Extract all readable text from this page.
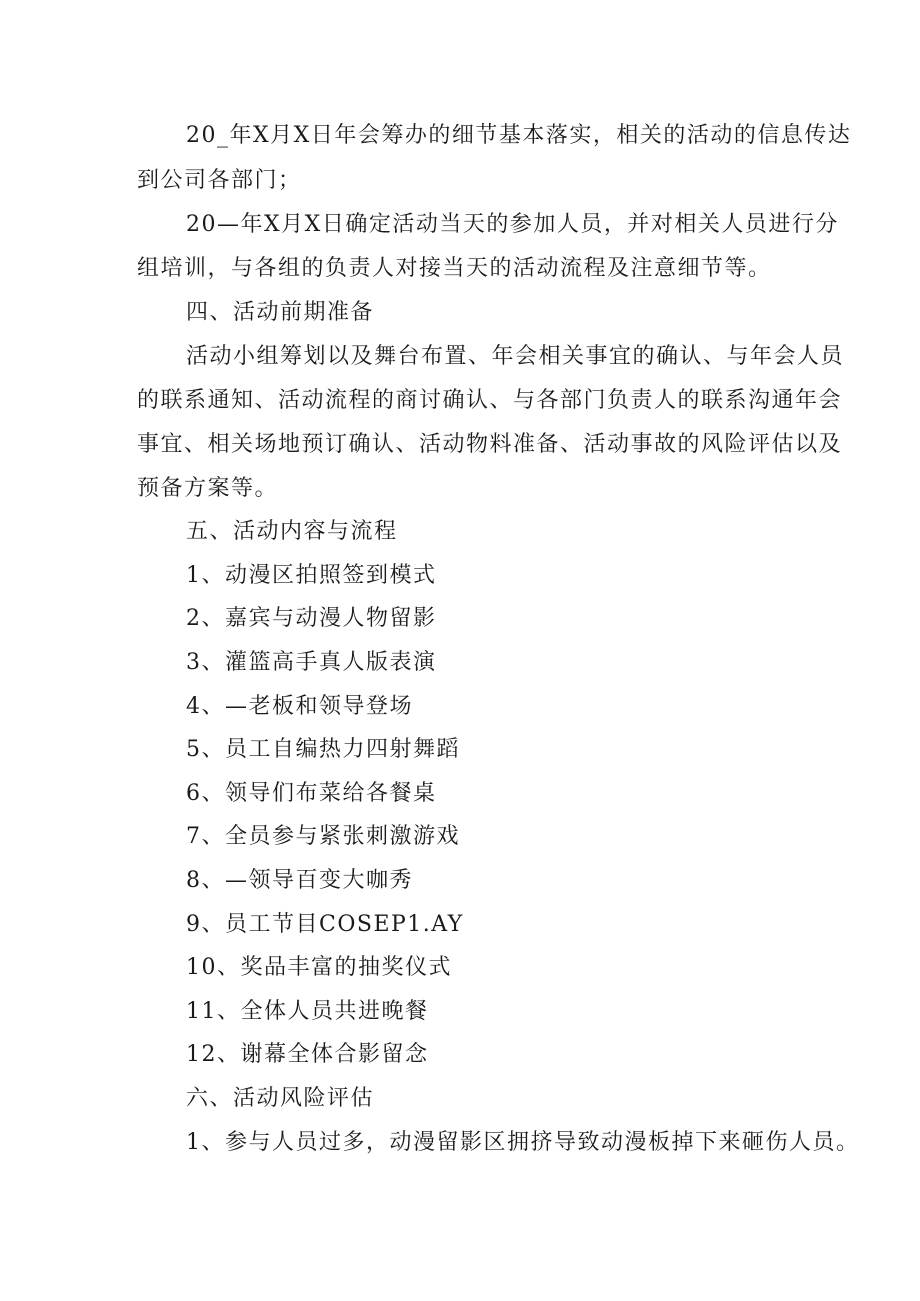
20_年X月X日年会筹办的细节基本落实，相关的活动的信息传达
到公司各部门；
20—年X月X日确定活动当天的参加人员，并对相关人员进行分
组培训，与各组的负责人对接当天的活动流程及注意细节等。
四、活动前期准备
活动小组筹划以及舞台布置、年会相关事宜的确认、与年会人员
的联系通知、活动流程的商讨确认、与各部门负责人的联系沟通年会
事宜、相关场地预订确认、活动物料准备、活动事故的风险评估以及
预备方案等。
五、活动内容与流程
1、动漫区拍照签到模式
2、嘉宾与动漫人物留影
3、灌篮高手真人版表演
4、—老板和领导登场
5、员工自编热力四射舞蹈
6、领导们布菜给各餐桌
7、全员参与紧张刺激游戏
8、—领导百变大咖秀
9、员工节目COSEP1.AY
10、奖品丰富的抽奖仪式
11、全体人员共进晚餐
12、谢幕全体合影留念
六、活动风险评估
1、参与人员过多，动漫留影区拥挤导致动漫板掉下来砸伤人员。
